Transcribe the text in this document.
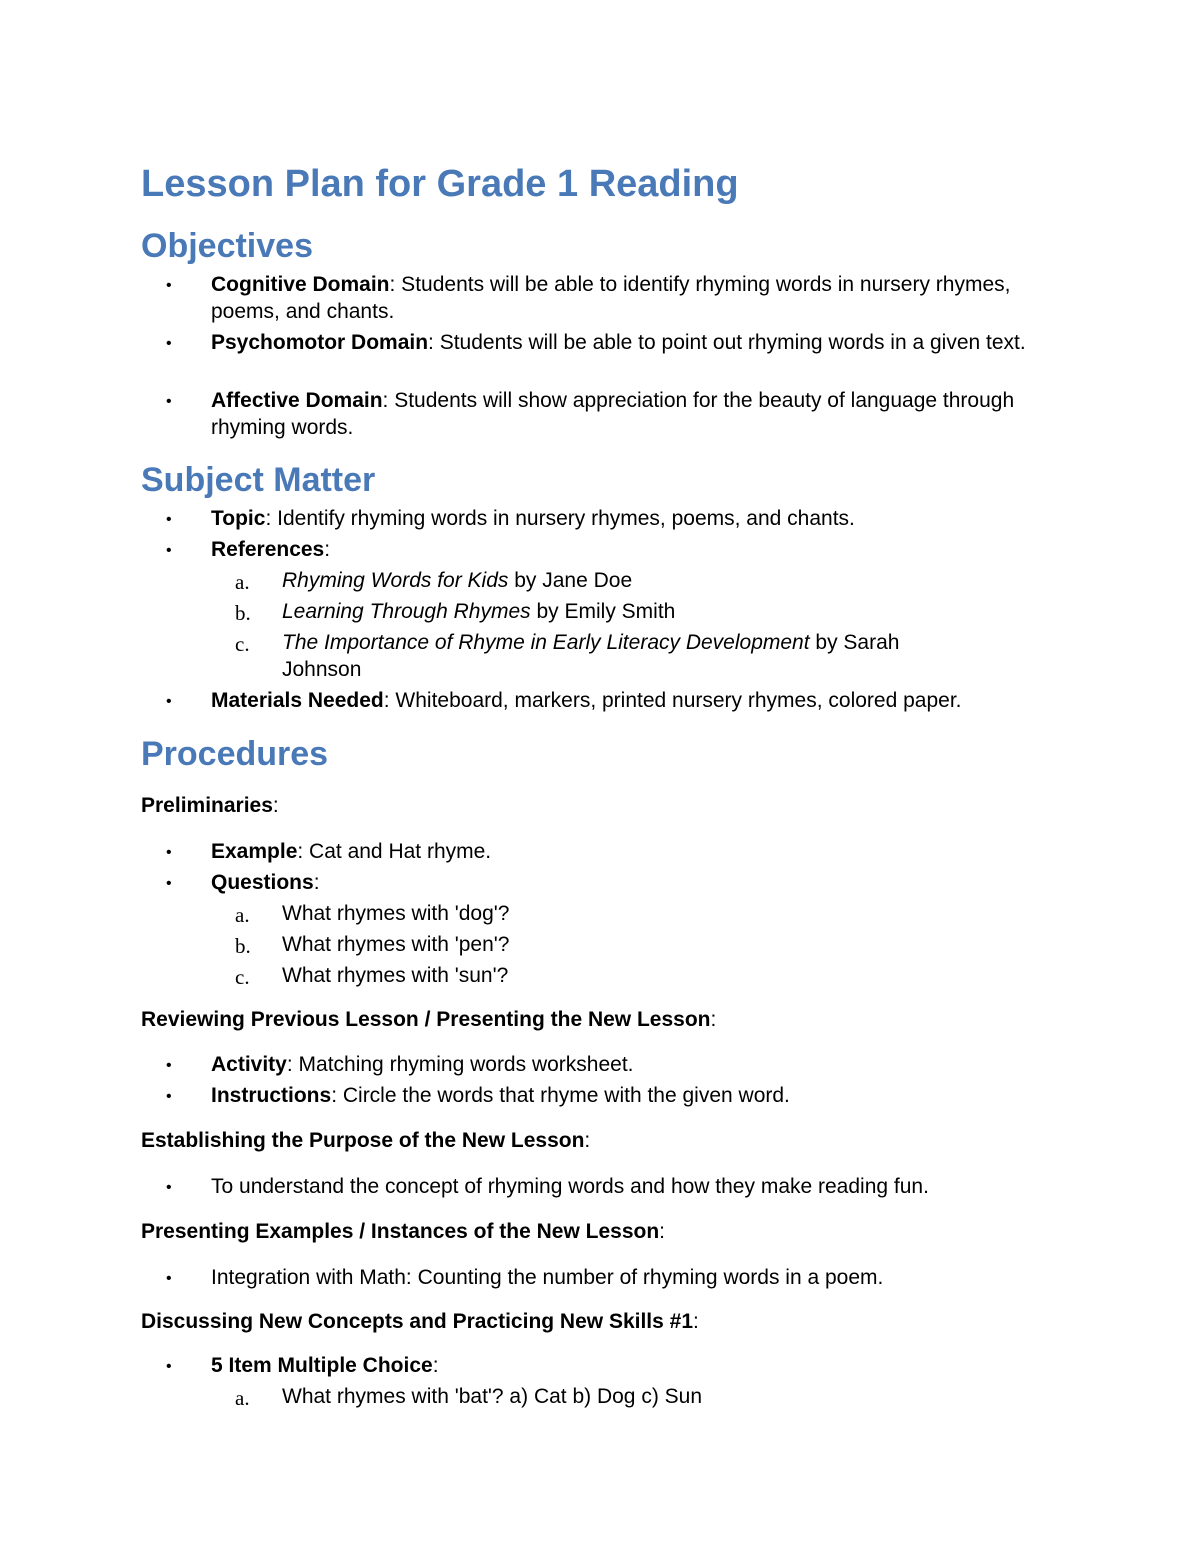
Lesson Plan for Grade 1 Reading
Objectives
•	Cognitive Domain: Students will be able to identify rhyming words in nursery rhymes, poems, and chants.
•	Psychomotor Domain: Students will be able to point out rhyming words in a given text.
•	Affective Domain: Students will show appreciation for the beauty of language through rhyming words.
Subject Matter
•	Topic: Identify rhyming words in nursery rhymes, poems, and chants.
•	References:
a.	Rhyming Words for Kids by Jane Doe
b.	Learning Through Rhymes by Emily Smith
c.	The Importance of Rhyme in Early Literacy Development by Sarah Johnson
•	Materials Needed: Whiteboard, markers, printed nursery rhymes, colored paper.
Procedures
Preliminaries:
•	Example: Cat and Hat rhyme.
•	Questions:
a.	What rhymes with 'dog'?
b.	What rhymes with 'pen'?
c.	What rhymes with 'sun'?
Reviewing Previous Lesson / Presenting the New Lesson:
•	Activity: Matching rhyming words worksheet.
•	Instructions: Circle the words that rhyme with the given word.
Establishing the Purpose of the New Lesson:
•	To understand the concept of rhyming words and how they make reading fun.
Presenting Examples / Instances of the New Lesson:
•	Integration with Math: Counting the number of rhyming words in a poem.
Discussing New Concepts and Practicing New Skills #1:
•	5 Item Multiple Choice:
a.	What rhymes with 'bat'? a) Cat b) Dog c) Sun
